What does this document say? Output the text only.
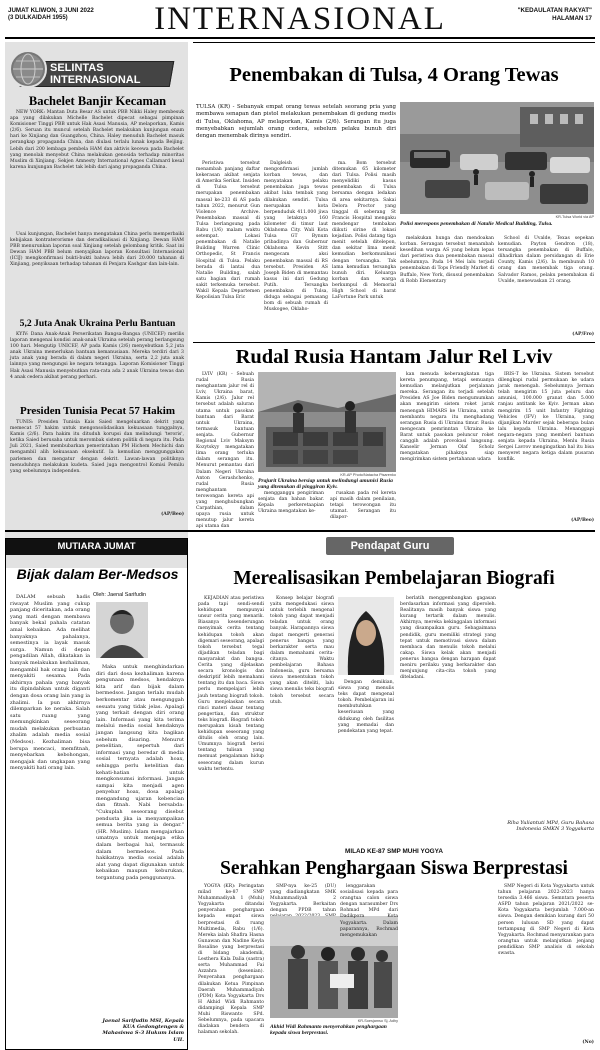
JUMAT KLIWON, 3 JUNI 2022
(3 DULKAIDAH 1955)	INTERNASIONAL	"KEDAULATAN RAKYAT"
HALAMAN 17
SELINTAS
INTERNASIONAL
Bachelet Banjir Kecaman

NEW YORK: Mantan Duta Besar AS untuk PBB Nikki Haley membesuk apa yang dilakukan Michelle Bachelet dipecat sebagai pimpinan Komisioner Tinggi PBB untuk Hak Asasi Manusia, AP melaporkan, Kamis (2/6). Seruan itu muncul setelah Bachelet melakukan kunjungan enam hari ke Xinjiang dan Guangzhou, China. Haley menuduh Bachelet masuk perangkap propaganda China, dan diulasi terlalu lunak kepada Beijing. Lebih dari 200 lembaga pembela HAM dan aktivis kecewa pada Bachelet yang menolak menyebut China melakukan genosida terhadap minoritas Muslim di Xinjiang. Sekjen Amnesty International Agnes Callamard kesal karena kunjungan Bachelet tak lebih dari ajang propaganda China.

Usai kunjungan, Bachelet hanya mengatakan China perlu memperbaiki kebijakan kontraterorisme dan deradikalisasi di Xinjiang. Dewan HAM PBB menurunkan laporan soal Xinjiang setelah gelombang kritik. Saat ini Dewan HAM PBB belum menyajikan laporan Konsultasi Internasional (ICIJ) mengkonfirmasi bukti-bukti bahwa lebih dari 20.000 tahanan di Xinjiang, penyiksaan terhadap tahanan di Penjara Kashgar dan lain-lain.

5,2 Juta Anak Ukraina Perlu Bantuan

KYIV: Dana Anak-Anak Perserikatan Bangsa-Bangsa (UNICEF) merilis laporan mengenai kondisi anak-anak Ukraina setelah perang berlangsung 100 hari. Mengutip UNICEF, AP pada Kamis (2/6) menyebutkan 5,2 juta anak Ukraina memerlukan bantuan kemanusiaan. Mereka terdiri dari 3 juta anak yang berada di dalam negeri Ukraina, serta 2,2 juta anak lainnya yang mengungsi ke negara tetangga. Laporan Komisioner Tinggi Hak Asasi Manusia menyebutkan rata-rata ada 2 anak Ukraina tewas dan 4 anak cedera akibat perang perhari.

Presiden Tunisia Pecat 57 Hakim

TUNIS: Presiden Tunisia Kais Saied mengeluarkan dekrit yang memecat 57 hakim untuk mengonsolidasikan kekuasaan tunggalnya, Kamis (2/6). Para hakim itu dituduh korupsi dan melindungi 'teroris', ketika Saied berusaha untuk merombak sistem politik di negara itu. Pada Juli 2021, Saied membubarkan pemerintahan PM Hichem Mechichi dan mengambil alih kekuasaan eksekutif. Ia kemudian menggunggakan parlemen dan mengatur dengan dekrit. Lawan-lawan politiknya menuduhnya melakukan kudeta. Saied juga mengontrol Komisi Pemilu yang sebelumnya independen.

(AP/Beo)
Penembakan di Tulsa, 4 Orang Tewas
TULSA (KR) - Sebanyak empat orang tewas setelah seorang pria yang membawa senapan dan pistol melakukan penembakan di gedung medis di Tulsa, Oklahoma, AP melaporkan, Kamis (2/6). Serangan itu juga menyebabkan sejumlah orang cedera, sebelum pelaku bunuh diri dengan menembak dirinya sendiri.
KR-Tulsa World via AP
Polisi merespons penembakan di Natalie Medical Building, Tulsa.

Peristiwa tersebut menambah panjang daftar kekerasan akibat senjata di Amerika Serikat. Insiden di Tulsa tersebut merupakan penembakan massal ke-233 di AS pada tahun 2022, menurut Gun Violence Archive. Penembakan massal di Tulsa berlangsung pada Rabu (1/6) malam waktu setempat. Lokasi penembakan di Natalie Building Warren Clinic Orthopedic, St Francis Hospital di Tulsa. Pelaku berada di lantai dua Natalie Building, salah satu bagian dari rumah sakit terkemuka tersebut. Wakil Kepala Departemen Kepolisian Tulsa Eric

Dalgleish mengonfirmasi jumlah korban tewas, dan menyatakan pelaku penembakan juga tewas akibat luka tembak yang dilakukan sendiri. Tulsa merupakan kota berpenduduk 411.000 jiwa yang letaknya 160 kilometer di timur laut Oklahoma City. Wali Kota Tulsa GT Bynum pribadinya dan Gubernur Oklahoma Kevin Stitt mengecam aksi penembakan massal di RS tersebut. Presiden AS Joseph Biden di memantau kasus ini dari Gedung Putih. Tersangka penembakan di Tulsa, diduga sebagai pemasang bom di sebuah rumah di Muskogee, Oklaho-

ma. Bom tersebut ditemukan 65 kilometer dari Tulsa. Polisi masih menyelidiki kasus penembakan di Tulsa bersama dengan ledakan di area sekitarnya. Sakai Delora Proctor yang tinggal di seberang St Francis Hospital mengaku mendengar tembakan diikuti sirine di lokasi kejadian. Polisi datang tiga menit setelah ditelepon, dan sekitar lima menit kemudian berkomunikasi dengan tersangka. Tak lama kemudian tersangka bunuh diri. Keluarga korban dan warga berkumpul di Memorial High School di barat LaFortune Park untuk

melakukan hunga dan mendoakan korban. Serangan tersebut menambah kesedihan warga AS yang belum lepas dari peristiwa dua penembakan massal sebelumnya. Pada 14 Mei lalu terjadi penembakan di Tops Friendly Market di Buffalo, New York, disusul penembakan di Robb Elementary

School di Uvalde, Texas sepekan kemudian. Payton Gendron (18), tersangka penembakan di Buffalo, dihadirkan dalam persidangan di Erie County, Kamis (2/6). Ia membunuh 10 orang dan menembak tiga orang. Salvador Ramos, pelaku penembakan di Uvalde, menewaskan 21 orang.

(AP/Fro)
Rudal Rusia Hantam Jalur Rel Lviv

LVIV (KR) - Sebuah rudal Rusia menghantam jalur rel di Lviv, Ukraina barat, Kamis (2/6). Jalur rel tersebut adalah saluran utama untuk pasokan bantuan dari Barat untuk Ukraina, termasuk bantuan senjata. Gubernur Regional Lviv Maksym Kozytskyy mengatakan lima orang terluka dalam serangan itu. Menurut pemantau dari Dalam Negeri Ukraina Anton Gerashchenko, rudal Rusia menghantam terowongan kereta api yang menghubungkan Carpathian, dalam upaya rusia untuk menutup jalur kereta api utama dan

KR-AP Photo/Natacha Pisarenko
Prajurit Ukraina bersiap untuk melindungi amunisi Rusia yang ditemukan di pinggiran Kyiv.

mengganggu pengiriman senjata dan bahan bakar. Kepala perkeretaapian Ukraina mengatakan ke-

rusakan pada rel kereta api masih dalam penilaian, tetapi terowongan itu utamat. Serangan itu dilapor-

kan menuda keberangkatan tiga kereta penumpang, tetapi semuanya kemudian melanjutkan perjalanan mereka. Serangan itu terjadi setelah Presiden AS Joe Biden mengumumkan akan mengirim sistem roket jarak menengah HIMARS ke Ukraina, untuk membantu negara itu menghadang serangan Rusia di Ukraina timur. Rusia mengecam pemrinntan Ukraina ke Barat untuk pasokan peluncur roket canggih adalah provokasi langsung. Kanselir Jerman Olaf Scholz mengatakan pihaknya siap mengirimkan sistem pertahanan udara

IRIS-T ke Ukraina. Sistem tersebut dilengkapi rudal permukaan ke udara jarak menengah. Sebelumnya Jerman telah mengirim 15 juta peluru dan amunisi, 100.000 granat dan 5.000 ranjau antitank ke Kyiv. Jerman akan mengirim 15 unit Infantry Fighting Vehicles (IFV) ke Ukraina, yang dijanjikan Marder sejak beberapa bulan lalu kepada Ukraina. Menanggapi negara-negara yang memberi bantuan senjata kepada Ukraina, Menlu Rusia Sergei Lavrov mengingatkan hal itu bisa menyeret negara ketiga dalam pusaran konflik.

(AP/Beo)
MUTIARA JUMAT
Bijak dalam Ber-Medsos
Oleh: Jaenal Sarifudin

DALAM sebuah hadis riwayat Muslim yang cukup panjang diceritakan, ada orang yang mati dengan membawa banyak bekal pahala catatan amal kebaikan. Ada melihat banyaknya pahalanya, semestinya ia layak masuk surga. Namun di depan pengadilan Allah, dikatakan ia banyak melakukan kezhaliman, mengambil hak orang lain dan menyakiti sesama. Pada akhirnya pahala yang banyak itu dipindahkan untuk diganti dengan dosa orang lain yang ia zhalimi. Ia pun akhirnya dilemparkan ke neraka. Salah satu ruang yang memungkinkan seseorang mudah melakukan perbuatan zhalim adalah media sosial (Medsos). Kezhaliman bisa berupa mencaci, memfitnah, menyebarkan kebohongan, mengajak dan ungkapan yang menyakiti hati orang lain.

Maka untuk menghindarkan diri dari dosa kezhaliman karena pengunaan medsos, hendaknya kita arif dan bijak dalam bermedsos. Jangan terlalu mudah berkomentar atau mengunggah sesuatu yang tidak jelas. Apalagi yang terkait dengan diri orang lain. Informasi yang kita terima melalui media sosial hendaknya jangan langsung kita bagikan sebelum disaring. Menurut penelitian, sepertuh dari informasi yang beredar di media sosial ternyata adalah hoax, sehingga perlu ketelitian dan kehati-hatian untuk mengkonsumsi informasi. Jangan sampai kita menjadi agen penyebar hoax, dosa apalagi mengandung ujaran kebencian dan fitnah. Nabi bersabda: "Cukuplah seseorang disebut pendusta jika ia menyampaikan semua berita yang ia dengar." (HR. Muslim). Islam mengajarkan umatnya untuk menjaga etika dalam berbagai hal, termasuk dalam bermedsos. Pada hakikatnya media sosial adalah alat yang dapat digunakan untuk kebaikan maupun keburukan, tergantung pada penggunanya.

Jaenal Sarifudin MSI, Kepala KUA Gedongtengen & Mahasiswa S-3 Hukum Islam UII.
Pendapat Guru
Merealisasikan Pembelajaran Biografi

KEJADIAN atau peristiwa pada tapi sendi-sendi kehidupan mempunyai unsur cerita yang menarik. Biasanya kesenderungan menyimak cerita tentang kehidupan tokoh akan digemari seseorang, apalagi tokoh tersebut tegal dijadikan teladan bagi masyarakat dan bangsa. Cerita yang dijelaskan secara kronologis dan deskriptif lebih memahami tentang itu dan baca. Siswa perlu mempelajari lebih jauh tentang biografi tokoh. Guru menjelaskan secara rinci materi dasar tentang pengertian, dan struktur teks biografi. Biografi tokoh merupakan kisah tentang kehidupan seseorang yang ditulis oleh orang lain. Umumnya biografi berisi tentang tulisan yang memuat pengalaman hidup seseorang dalam kurun waktu tertentu.

Konsep belajar biografi yaitu mengedukasi siswa untuk terlebih mengenal tokoh yang dapat menjadi teladan untuk orang banyak. Harapannya siswa dapat mengerti generasi penerus bangsa yang berkarakter serta mau dalam memahami cerita-citanya. Waktu pembelajaran Bahasa Indonesia, guru bersama siswa menentukan tokoh yang akan diteliti, lalu siswa menulis teks biografi tokoh tersebut secara utuh.

Dengan demikian, siswa yang menulis teks dapat mengenal tokoh. Pembelajaran ini membutuhkan keseriusan yang didukung oleh fasilitas yang memadai dan pendekatan yang tepat.

berlatih menggembangkan gagasan berdasarkan informasi yang diperoleh. Realitanya masih banyak siswa yang kurang tertarik dalam menulis. Akhirnya, mereka kekinggalan informasi yang disampaikan guru. Sebagaimana pendidik, guru memiliki strategi yang tepat untuk memotivasi siswa dalam membaca dan menulis tokoh melalui cakap. Siswa kelak akan menjadi penerus bangsa dengan harapan dapat meniru perilaku yang berkarakter dan menjunjung cita-cita tokoh yang diteladani.

Riha Yuliantuti MPd, Guru Bahasa Indonesia SMKN 3 Yogyakarta
MILAD KE-87 SMP MUHI YOGYA
Serahkan Penghargaan Siswa Berprestasi

YOGYA (KR): Peringatan milad ke-87 SMP Muhammadiyah 1 (Muhi) Yogyakarta ditandai penyerahan penghargaan kepada empat siswa berprestasi di ruang Multimedia, Rabu (1/6). Mereka ialah Shafira Hasna Gunawan dan Nadine Keyla Rosaline yang berprestasi di bidang akademik, Lesthera Kala Dalia (sastra) serta Muhammad Fai Azzahra (kesenian). Penyerahan penghargaan dilakukan Ketua Pimpinan Daerah Muhammadiyah (PDM) Kota Yogyakarta Drs H Akhid Widi Rahmanto didampingi Kepala SMP Muhi Riswanto SPd. Sebelumnya, pada upacara diadakan bendera di halaman sekolah.

SMP-nya ke-25 (DU) yang diadiangkatan SMK Muhammadiyah 2 Yogyakarta. Berkaitan dengan PPDB tahun

KR-Soesjamso Sj. Adhy
Akhid Widi Rahmanto menyerahkan penghargaan kepada siswa berprestasi.

lenggarakan sosialisasi kepada para orangtua calon siswa dengan narasumber Drs Rohmad MPd dari Dadikpora Kota Yogyakarta. Dalam paparannya, Rochmad mengemukakan

SMP Negeri di Kota Yogyakarta untuk tahun pelajaran 2022-2023 hanya tersedia 3.466 siswa. Semntara peserta ASPD tahun pelajaran 2021/2022 se-Kota Yogyakarta berjumlah 7.000-an siswa. Dengan demikian kurang dari 50 persen lulusan SD yang dapat tertampung di SMP Negeri di Kota Yogyakarta. Rochmad menyarankan para orangtua untuk melanjutkan jenjang pendidikan SMP analisis di sekolah swasta.

(No)
